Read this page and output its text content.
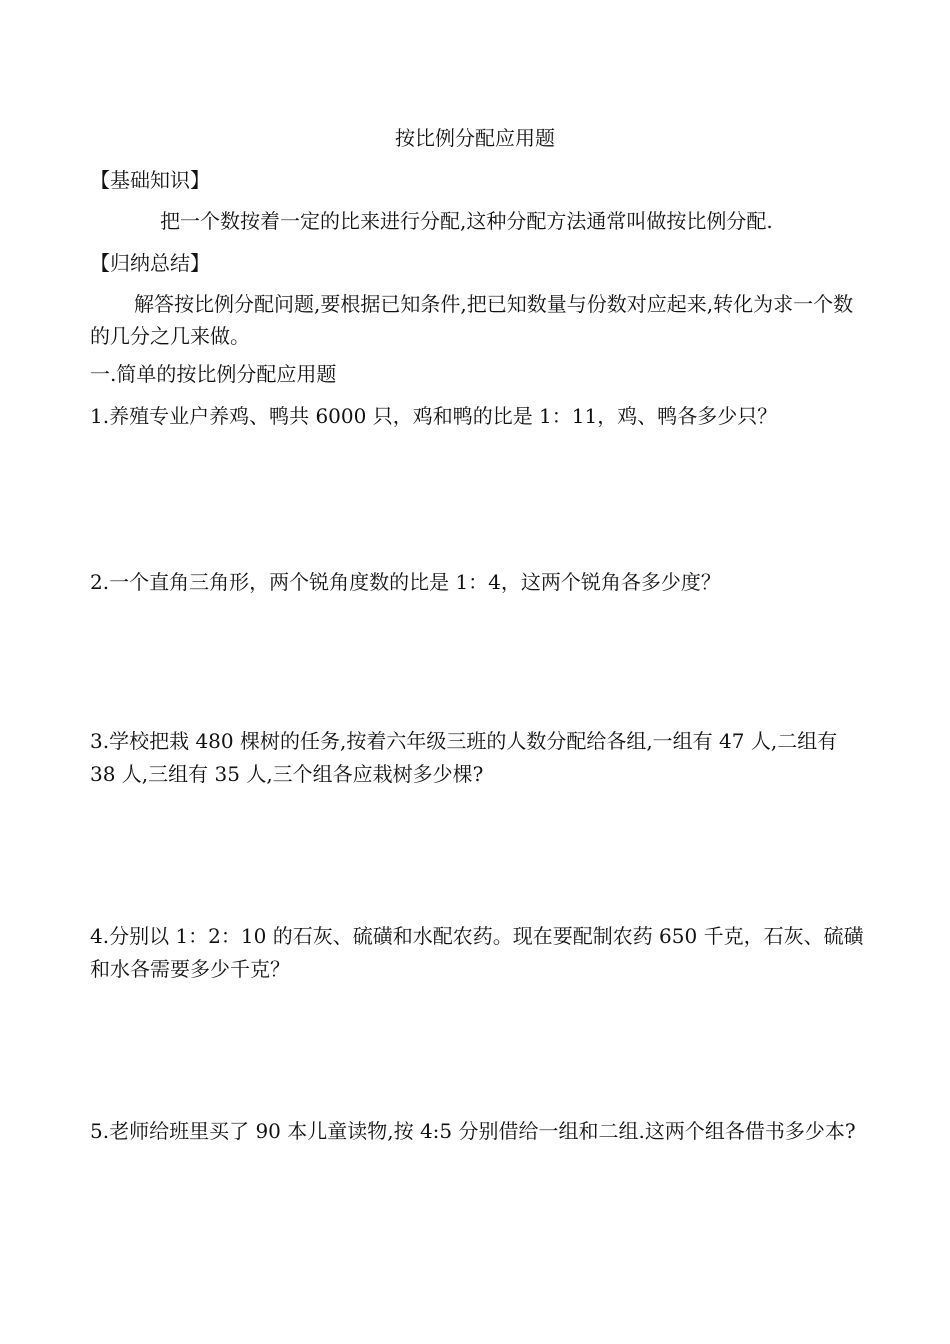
按比例分配应用题
【基础知识】
把一个数按着一定的比来进行分配,这种分配方法通常叫做按比例分配.
【归纳总结】
解答按比例分配问题,要根据已知条件,把已知数量与份数对应起来,转化为求一个数的几分之几来做。
一.简单的按比例分配应用题
1.养殖专业户养鸡、鸭共 6000 只，鸡和鸭的比是 1：11，鸡、鸭各多少只？
2.一个直角三角形，两个锐角度数的比是 1：4，这两个锐角各多少度？
3.学校把栽 480 棵树的任务,按着六年级三班的人数分配给各组,一组有 47 人,二组有 38 人,三组有 35 人,三个组各应栽树多少棵?
4.分别以 1：2：10 的石灰、硫磺和水配农药。现在要配制农药 650 千克，石灰、硫磺和水各需要多少千克？
5.老师给班里买了 90 本儿童读物,按 4:5 分别借给一组和二组.这两个组各借书多少本?
